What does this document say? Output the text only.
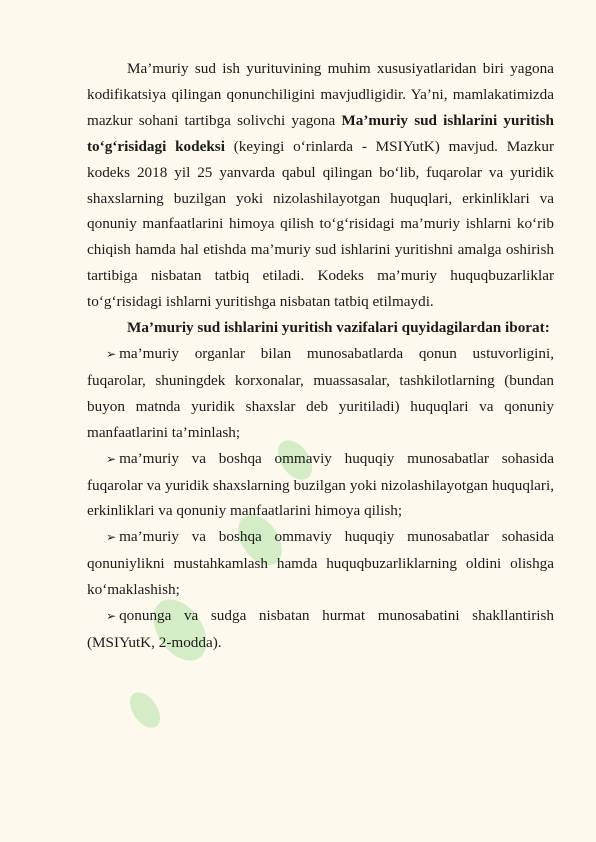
Ma’muriy sud ish yurituvining muhim xususiyatlaridan biri yagona kodifikatsiya qilingan qonunchiligini mavjudligidir. Ya’ni, mamlakatimizda mazkur sohani tartibga solivchi yagona Ma’muriy sud ishlarini yuritish to‘g‘risidagi kodeksi (keyingi o‘rinlarda - MSIYutK) mavjud. Mazkur kodeks 2018 yil 25 yanvarda qabul qilingan bo‘lib, fuqarolar va yuridik shaxslarning buzilgan yoki nizolashilayotgan huquqlari, erkinliklari va qonuniy manfaatlarini himoya qilish to‘g‘risidagi ma’muriy ishlarni ko‘rib chiqish hamda hal etishda ma’muriy sud ishlarini yuritishni amalga oshirish tartibiga nisbatan tatbiq etiladi. Kodeks ma’muriy huquqbuzarliklar to‘g‘risidagi ishlarni yuritishga nisbatan tatbiq etilmaydi.

Ma’muriy sud ishlarini yuritish vazifalari quyidagilardan iborat:

➢ ma’muriy organlar bilan munosabatlarda qonun ustuvorligini, fuqarolar, shuningdek korxonalar, muassasalar, tashkilotlarning (bundan buyon matnda yuridik shaxslar deb yuritiladi) huquqlari va qonuniy manfaatlarini ta’minlash;

➢ ma’muriy va boshqa ommaviy huquqiy munosabatlar sohasida fuqarolar va yuridik shaxslarning buzilgan yoki nizolashilayotgan huquqlari, erkinliklari va qonuniy manfaatlarini himoya qilish;

➢ ma’muriy va boshqa ommaviy huquqiy munosabatlar sohasida qonuniylikni mustahkamlash hamda huquqbuzarliklarning oldini olishga ko‘maklashish;

➢ qonunga va sudga nisbatan hurmat munosabatini shakllantirish (MSIYutK, 2-modda).
